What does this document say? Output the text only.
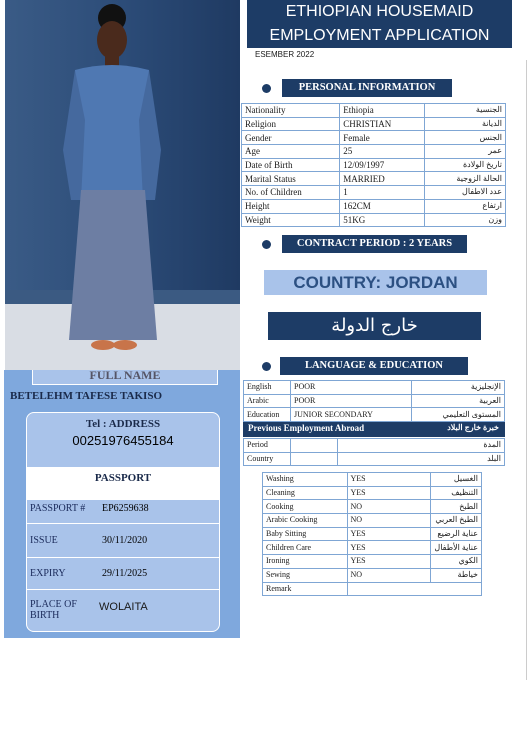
ETHIOPIAN HOUSEMAID
EMPLOYMENT APPLICATION
ESEMBER 2022
FULL NAME
BETELEHM TAFESE TAKISO
Tel : ADDRESS
00251976455184
PASSPORT
PASSPORT # EP6259638
ISSUE	30/11/2020
EXPIRY	29/11/2025
PLACE OF
BIRTH
WOLAITA
PERSONAL INFORMATION
Nationality	Ethiopia	الجنسية
Religion	CHRISTIAN	الديانة
Gender	Female	الجنس
Age	25	عمر
Date of Birth	12/09/1997	تاريخ الولادة
Marital Status	MARRIED	الحالة الزوجية
No. of Children	1	عدد الاطفال
Height	162CM	ارتفاع
Weight	51KG	وزن
CONTRACT PERIOD : 2 YEARS
COUNTRY: JORDAN
خارج الدولة
LANGUAGE & EDUCATION
English	POOR	الإنجليزية
Arabic	POOR	العربية
Education	JUNIOR SECONDARY	المستوى التعليمي
Previous Employment Abroad	خبرة خارج البلاد
Period		المدة
Country		البلد
Washing	YES	الغسيل
Cleaning	YES	التنظيف
Cooking	NO	الطبخ
Arabic Cooking	NO	الطبخ العربي
Baby Sitting	YES	عناية الرضيع
Children Care	YES	عناية الأطفال
Ironing	YES	الكوي
Sewing	NO	خياطة
Remark		
